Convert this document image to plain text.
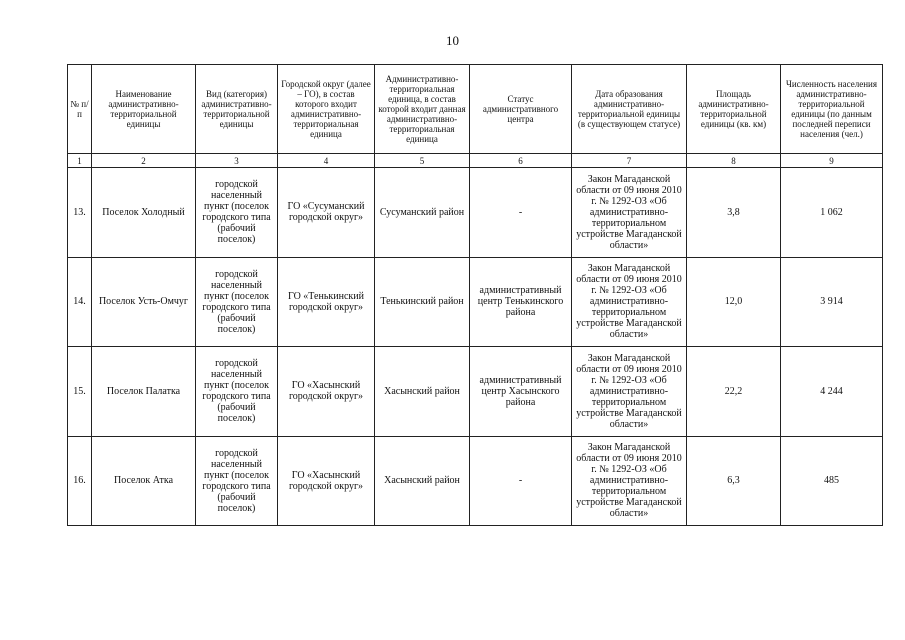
10
№ п/п	Наименование административно-территориальной единицы	Вид (категория) административно-территориальной единицы	Городской округ (далее – ГО), в состав которого входит административно-территориальная единица	Административно-территориальная единица, в состав которой входит данная административно-территориальная единица	Статус административного центра	Дата образования административно-территориальной единицы (в существующем статусе)	Площадь административно-территориальной единицы (кв. км)	Численность населения административно-территориальной единицы (по данным последней переписи населения (чел.)
1	2	3	4	5	6	7	8	9
13.	Поселок Холодный	городской населенный пункт (поселок городского типа (рабочий поселок)	ГО «Сусуманский городской округ»	Сусуманский район	-	Закон Магаданской области от 09 июня 2010 г. № 1292-ОЗ «Об административно-территориальном устройстве Магаданской области»	3,8	1 062
14.	Поселок Усть-Омчуг	городской населенный пункт (поселок городского типа (рабочий поселок)	ГО «Тенькинский городской округ»	Тенькинский район	административный центр Тенькинского района	Закон Магаданской области от 09 июня 2010 г. № 1292-ОЗ «Об административно-территориальном устройстве Магаданской области»	12,0	3 914
15.	Поселок Палатка	городской населенный пункт (поселок городского типа (рабочий поселок)	ГО «Хасынский городской округ»	Хасынский район	административный центр Хасынского района	Закон Магаданской области от 09 июня 2010 г. № 1292-ОЗ «Об административно-территориальном устройстве Магаданской области»	22,2	4 244
16.	Поселок Атка	городской населенный пункт (поселок городского типа (рабочий поселок)	ГО «Хасынский городской округ»	Хасынский район	-	Закон Магаданской области от 09 июня 2010 г. № 1292-ОЗ «Об административно-территориальном устройстве Магаданской области»	6,3	485
